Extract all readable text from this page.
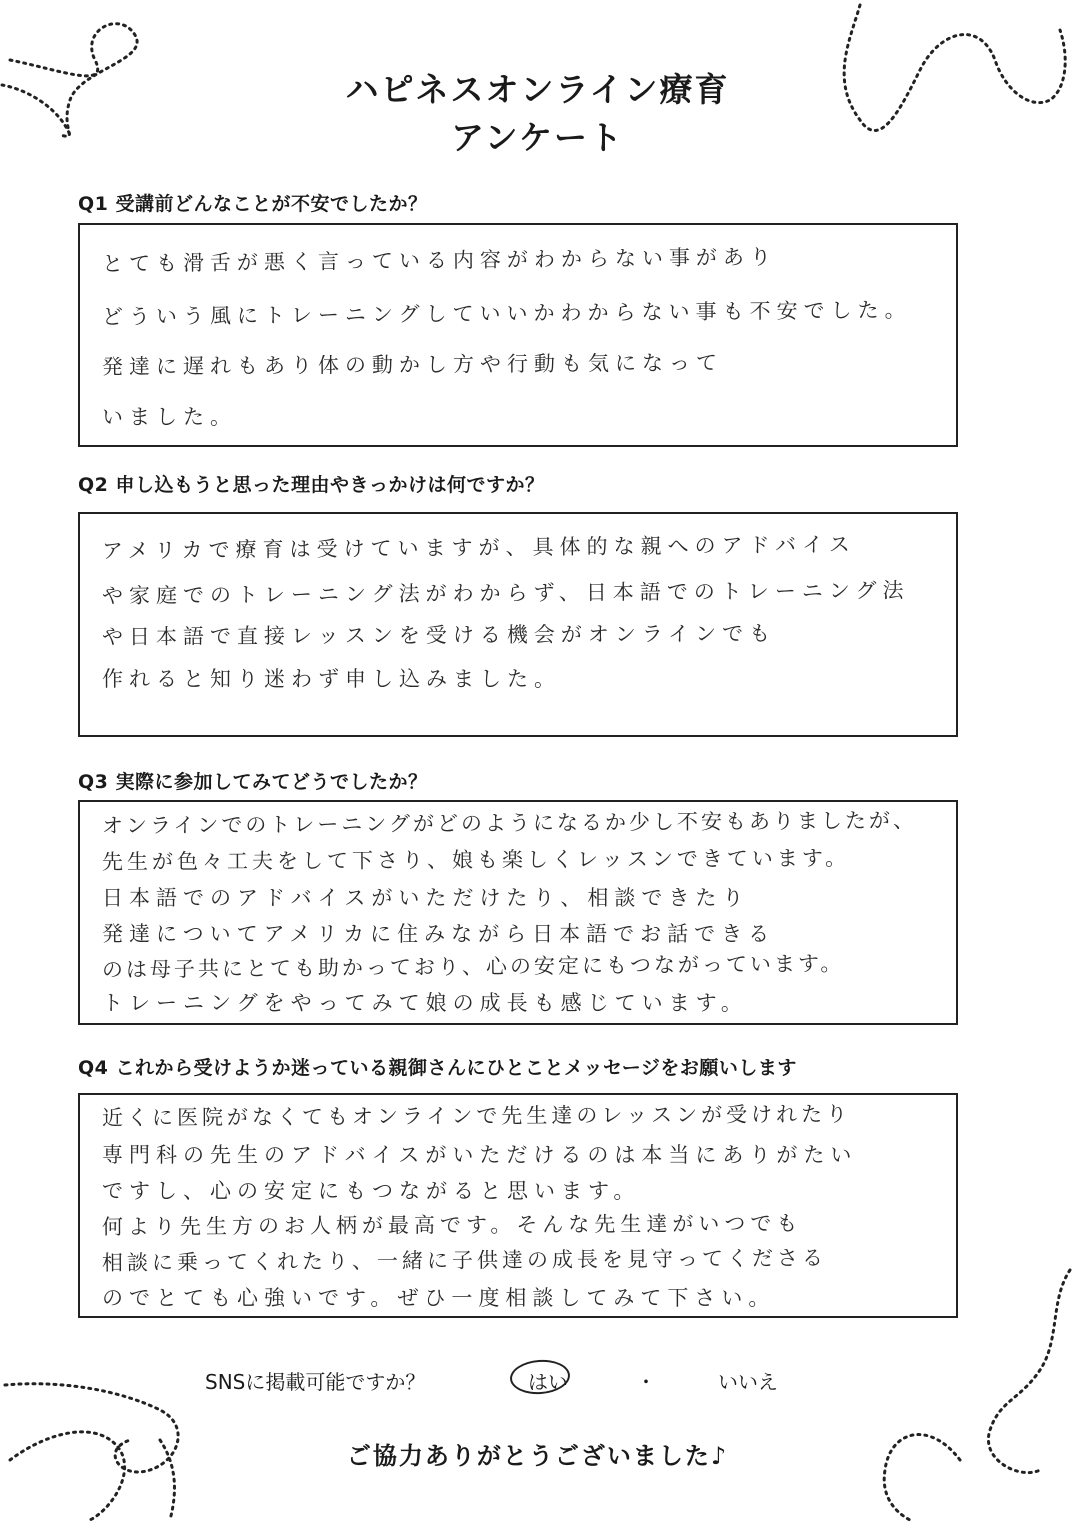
ハピネスオンライン療育
アンケート
Q1 受講前どんなことが不安でしたか？
とても滑舌が悪く言っている内容がわからない事があり
どういう風にトレーニングしていいかわからない事も不安でした。
発達に遅れもあり体の動かし方や行動も気になって
いました。
Q2 申し込もうと思った理由やきっかけは何ですか？
アメリカで療育は受けていますが、具体的な親へのアドバイス
や家庭でのトレーニング法がわからず、日本語でのトレーニング法
や日本語で直接レッスンを受ける機会がオンラインでも
作れると知り迷わず申し込みました。
Q3 実際に参加してみてどうでしたか？
オンラインでのトレーニングがどのようになるか少し不安もありましたが、
先生が色々工夫をして下さり、娘も楽しくレッスンできています。
日本語でのアドバイスがいただけたり、相談できたり
発達についてアメリカに住みながら日本語でお話できる
のは母子共にとても助かっており、心の安定にもつながっています。
トレーニングをやってみて娘の成長も感じています。
Q4 これから受けようか迷っている親御さんにひとことメッセージをお願いします
近くに医院がなくてもオンラインで先生達のレッスンが受けれたり
専門科の先生のアドバイスがいただけるのは本当にありがたい
ですし、心の安定にもつながると思います。
何より先生方のお人柄が最高です。そんな先生達がいつでも
相談に乗ってくれたり、一緒に子供達の成長を見守ってくださる
のでとても心強いです。ぜひ一度相談してみて下さい。
SNSに掲載可能ですか？	はい	・	いいえ
ご協力ありがとうございました♪
